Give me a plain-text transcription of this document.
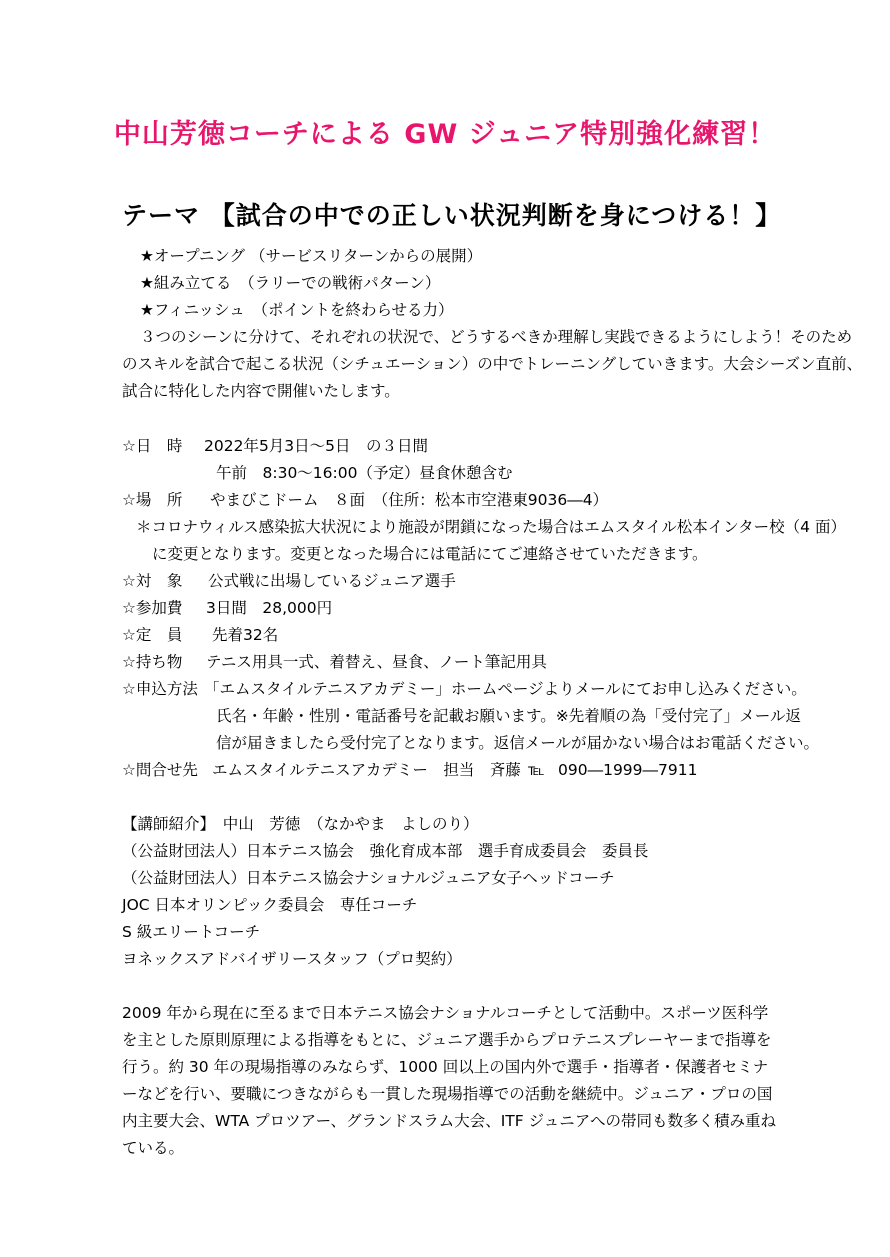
中山芳徳コーチによる GW ジュニア特別強化練習！
テーマ 【試合の中での正しい状況判断を身につける！】
★オープニング （サービスリターンからの展開）
★組み立てる　（ラリーでの戦術パターン）
★フィニッシュ　（ポイントを終わらせる力）
３つのシーンに分けて、それぞれの状況で、どうするべきか理解し実践できるようにしよう！そのため
のスキルを試合で起こる状況（シチュエーション）の中でトレーニングしていきます。大会シーズン直前、
試合に特化した内容で開催いたします。
☆日　時 2022年5月3日～5日　の３日間
午前　8:30～16:00（予定）昼食休憩含む
☆場　所 やまびこドーム　８面　（住所：松本市空港東9036―4）
＊コロナウィルス感染拡大状況により施設が閉鎖になった場合はエムスタイル松本インター校（4 面）
に変更となります。変更となった場合には電話にてご連絡させていただきます。
☆対　象 公式戦に出場しているジュニア選手
☆参加費 3日間　28,000円
☆定　員 先着32名
☆持ち物 テニス用具一式、着替え、昼食、ノート筆記用具
☆申込方法 「エムスタイルテニスアカデミー」ホームページよりメールにてお申し込みください。
氏名・年齢・性別・電話番号を記載お願います。※先着順の為「受付完了」メール返
信が届きましたら受付完了となります。返信メールが届かない場合はお電話ください。
☆問合せ先 エムスタイルテニスアカデミー　担当　斉藤 ℡ 090―1999―7911
【講師紹介】　中山　芳徳　（なかやま　よしのり）
（公益財団法人）日本テニス協会　強化育成本部　選手育成委員会　委員長
（公益財団法人）日本テニス協会ナショナルジュニア女子ヘッドコーチ
JOC 日本オリンピック委員会　専任コーチ
S 級エリートコーチ
ヨネックスアドバイザリースタッフ（プロ契約）
2009 年から現在に至るまで日本テニス協会ナショナルコーチとして活動中。スポーツ医科学
を主とした原則原理による指導をもとに、ジュニア選手からプロテニスプレーヤーまで指導を
行う。約 30 年の現場指導のみならず、1000 回以上の国内外で選手・指導者・保護者セミナ
ーなどを行い、要職につきながらも一貫した現場指導での活動を継続中。ジュニア・プロの国
内主要大会、WTA プロツアー、グランドスラム大会、ITF ジュニアへの帯同も数多く積み重ね
ている。
